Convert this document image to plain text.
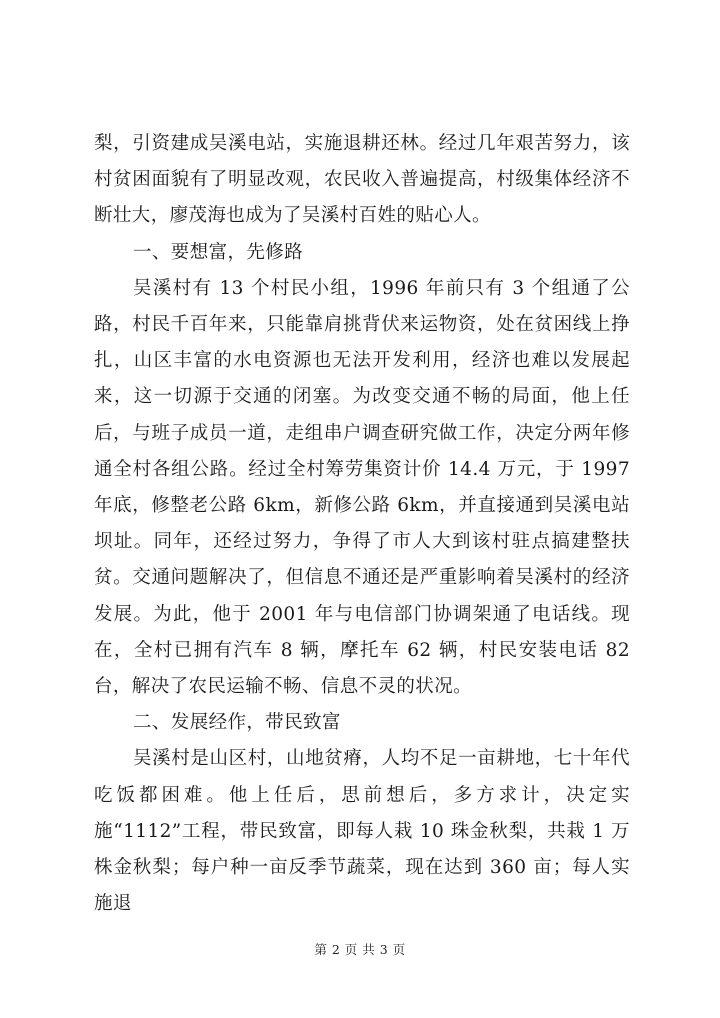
梨，引资建成吴溪电站，实施退耕还林。经过几年艰苦努力，该村贫困面貌有了明显改观，农民收入普遍提高，村级集体经济不断壮大，廖茂海也成为了吴溪村百姓的贴心人。

一、要想富，先修路

吴溪村有 13 个村民小组，1996 年前只有 3 个组通了公路，村民千百年来，只能靠肩挑背伏来运物资，处在贫困线上挣扎，山区丰富的水电资源也无法开发利用，经济也难以发展起来，这一切源于交通的闭塞。为改变交通不畅的局面，他上任后，与班子成员一道，走组串户调查研究做工作，决定分两年修通全村各组公路。经过全村筹劳集资计价 14.4 万元，于 1997 年底，修整老公路 6km，新修公路 6km，并直接通到吴溪电站坝址。同年，还经过努力，争得了市人大到该村驻点搞建整扶贫。交通问题解决了，但信息不通还是严重影响着吴溪村的经济发展。为此，他于 2001 年与电信部门协调架通了电话线。现在，全村已拥有汽车 8 辆，摩托车 62 辆，村民安装电话 82 台，解决了农民运输不畅、信息不灵的状况。

二、发展经作，带民致富

吴溪村是山区村，山地贫瘠，人均不足一亩耕地，七十年代吃饭都困难。他上任后，思前想后，多方求计，决定实施“1112”工程，带民致富，即每人栽 10 珠金秋梨，共栽 1 万株金秋梨；每户种一亩反季节蔬菜，现在达到 360 亩；每人实施退

第 2 页 共 3 页
